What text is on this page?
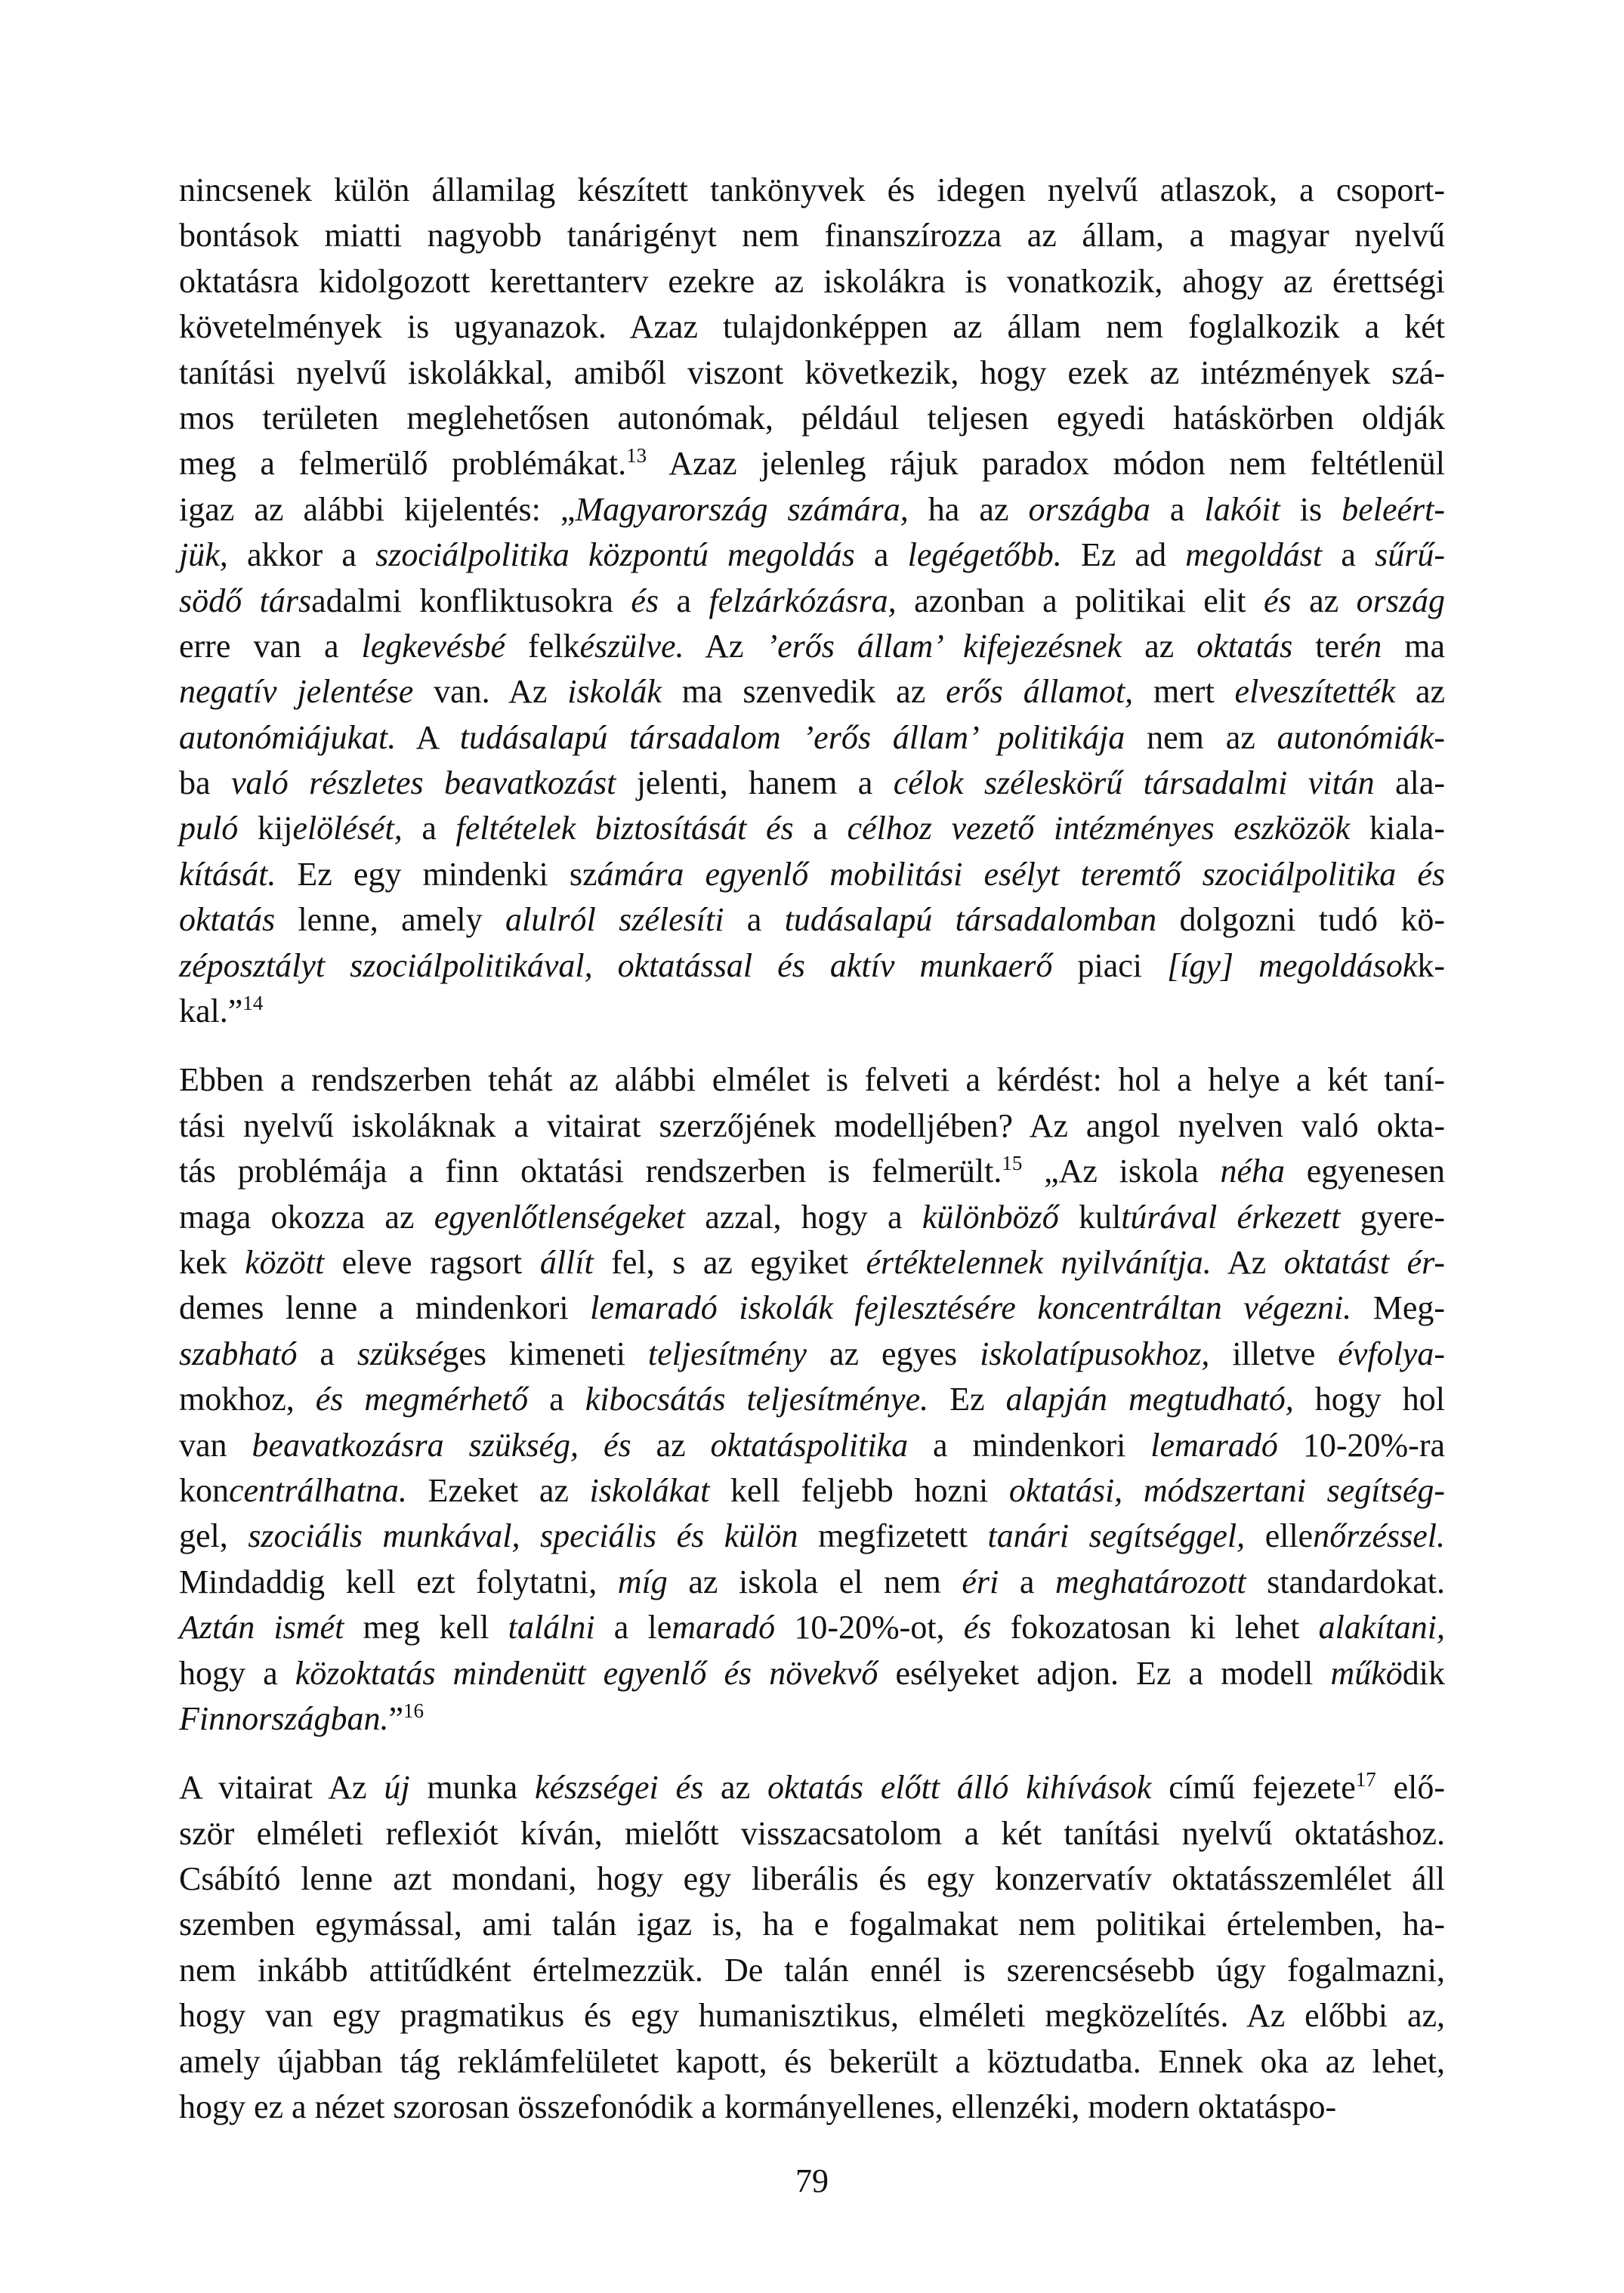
nincsenek külön államilag készített tankönyvek és idegen nyelvű atlaszok, a csoport-
bontások miatti nagyobb tanárigényt nem finanszírozza az állam, a magyar nyelvű
oktatásra kidolgozott kerettanterv ezekre az iskolákra is vonatkozik, ahogy az érettségi
követelmények is ugyanazok. Azaz tulajdonképpen az állam nem foglalkozik a két
tanítási nyelvű iskolákkal, amiből viszont következik, hogy ezek az intézmények szá-
mos területen meglehetősen autonómak, például teljesen egyedi hatáskörben oldják
meg a felmerülő problémákat.$^{13}$ Azaz jelenleg rájuk paradox módon nem feltétlenül
igaz az alábbi kijelentés: „Magyarország számára, ha az országba a lakóit is beleért-
jük, akkor a szociálpolitika központú megoldás a legégetőbb. Ez ad megoldást a sűrű-
södő társadalmi konfliktusokra és a felzárkózásra, azonban a politikai elit és az ország
erre van a legkevésbé felkészülve. Az ’erős állam’ kifejezésnek az oktatás terén ma
negatív jelentése van. Az iskolák ma szenvedik az erős államot, mert elveszítették az
autonómiájukat. A tudásalapú társadalom ’erős állam’ politikája nem az autonómiák-
ba való részletes beavatkozást jelenti, hanem a célok széleskörű társadalmi vitán ala-
puló kijelölését, a feltételek biztosítását és a célhoz vezető intézményes eszközök kiala-
kítását. Ez egy mindenki számára egyenlő mobilitási esélyt teremtő szociálpolitika és
oktatás lenne, amely alulról szélesíti a tudásalapú társadalomban dolgozni tudó kö-
zéposztályt szociálpolitikával, oktatással és aktív munkaerő piaci [így] megoldásokk-
kal.”$^{14}$
Ebben a rendszerben tehát az alábbi elmélet is felveti a kérdést: hol a helye a két taní-
tási nyelvű iskoláknak a vitairat szerzőjének modelljében? Az angol nyelven való okta-
tás problémája a finn oktatási rendszerben is felmerült.$^{15}$ „Az iskola néha egyenesen
maga okozza az egyenlőtlenségeket azzal, hogy a különböző kultúrával érkezett gyere-
kek között eleve ragsort állít fel, s az egyiket értéktelennek nyilvánítja. Az oktatást ér-
demes lenne a mindenkori lemaradó iskolák fejlesztésére koncentráltan végezni. Meg-
szabható a szükséges kimeneti teljesítmény az egyes iskolatípusokhoz, illetve évfolya-
mokhoz, és megmérhető a kibocsátás teljesítménye. Ez alapján megtudható, hogy hol
van beavatkozásra szükség, és az oktatáspolitika a mindenkori lemaradó 10-20%-ra
koncentrálhatna. Ezeket az iskolákat kell feljebb hozni oktatási, módszertani segítség-
gel, szociális munkával, speciális és külön megfizetett tanári segítséggel, ellenőrzéssel.
Mindaddig kell ezt folytatni, míg az iskola el nem éri a meghatározott standardokat.
Aztán ismét meg kell találni a lemaradó 10-20%-ot, és fokozatosan ki lehet alakítani,
hogy a közoktatás mindenütt egyenlő és növekvő esélyeket adjon. Ez a modell működik
Finnországban.”$^{16}$
A vitairat Az új munka készségei és az oktatás előtt álló kihívások című fejezete$^{17}$ elő-
ször elméleti reflexiót kíván, mielőtt visszacsatolom a két tanítási nyelvű oktatáshoz.
Csábító lenne azt mondani, hogy egy liberális és egy konzervatív oktatásszemlélet áll
szemben egymással, ami talán igaz is, ha e fogalmakat nem politikai értelemben, ha-
nem inkább attitűdként értelmezzük. De talán ennél is szerencsésebb úgy fogalmazni,
hogy van egy pragmatikus és egy humanisztikus, elméleti megközelítés. Az előbbi az,
amely újabban tág reklámfelületet kapott, és bekerült a köztudatba. Ennek oka az lehet,
hogy ez a nézet szorosan összefonódik a kormányellenes, ellenzéki, modern oktatáspo-
79
